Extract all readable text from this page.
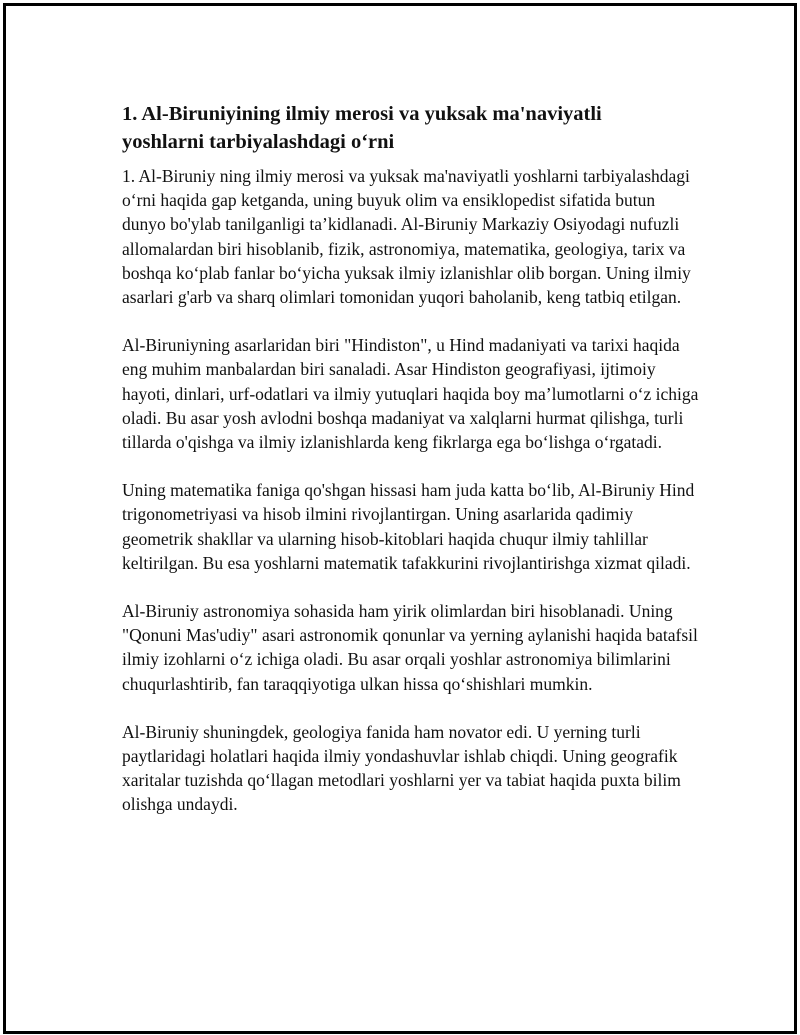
1. Al-Biruniyining ilmiy merosi va yuksak ma'naviyatli
yoshlarni tarbiyalashdagi o‘rni

1. Al-Biruniy ning ilmiy merosi va yuksak ma'naviyatli yoshlarni tarbiyalashdagi o‘rni haqida gap ketganda, uning buyuk olim va ensiklopedist sifatida butun dunyo bo'ylab tanilganligi ta’kidlanadi. Al-Biruniy Markaziy Osiyodagi nufuzli allomalardan biri hisoblanib, fizik, astronomiya, matematika, geologiya, tarix va boshqa ko‘plab fanlar bo‘yicha yuksak ilmiy izlanishlar olib borgan. Uning ilmiy asarlari g'arb va sharq olimlari tomonidan yuqori baholanib, keng tatbiq etilgan.

Al-Biruniyning asarlaridan biri "Hindiston", u Hind madaniyati va tarixi haqida eng muhim manbalardan biri sanaladi. Asar Hindiston geografiyasi, ijtimoiy hayoti, dinlari, urf-odatlari va ilmiy yutuqlari haqida boy ma’lumotlarni o‘z ichiga oladi. Bu asar yosh avlodni boshqa madaniyat va xalqlarni hurmat qilishga, turli tillarda o'qishga va ilmiy izlanishlarda keng fikrlarga ega bo‘lishga o‘rgatadi.

Uning matematika faniga qo'shgan hissasi ham juda katta bo‘lib, Al-Biruniy Hind trigonometriyasi va hisob ilmini rivojlantirgan. Uning asarlarida qadimiy geometrik shakllar va ularning hisob-kitoblari haqida chuqur ilmiy tahlillar keltirilgan. Bu esa yoshlarni matematik tafakkurini rivojlantirishga xizmat qiladi.

Al-Biruniy astronomiya sohasida ham yirik olimlardan biri hisoblanadi. Uning "Qonuni Mas'udiy" asari astronomik qonunlar va yerning aylanishi haqida batafsil ilmiy izohlarni o‘z ichiga oladi. Bu asar orqali yoshlar astronomiya bilimlarini chuqurlashtirib, fan taraqqiyotiga ulkan hissa qo‘shishlari mumkin.

Al-Biruniy shuningdek, geologiya fanida ham novator edi. U yerning turli paytlaridagi holatlari haqida ilmiy yondashuvlar ishlab chiqdi. Uning geografik xaritalar tuzishda qo‘llagan metodlari yoshlarni yer va tabiat haqida puxta bilim olishga undaydi.
